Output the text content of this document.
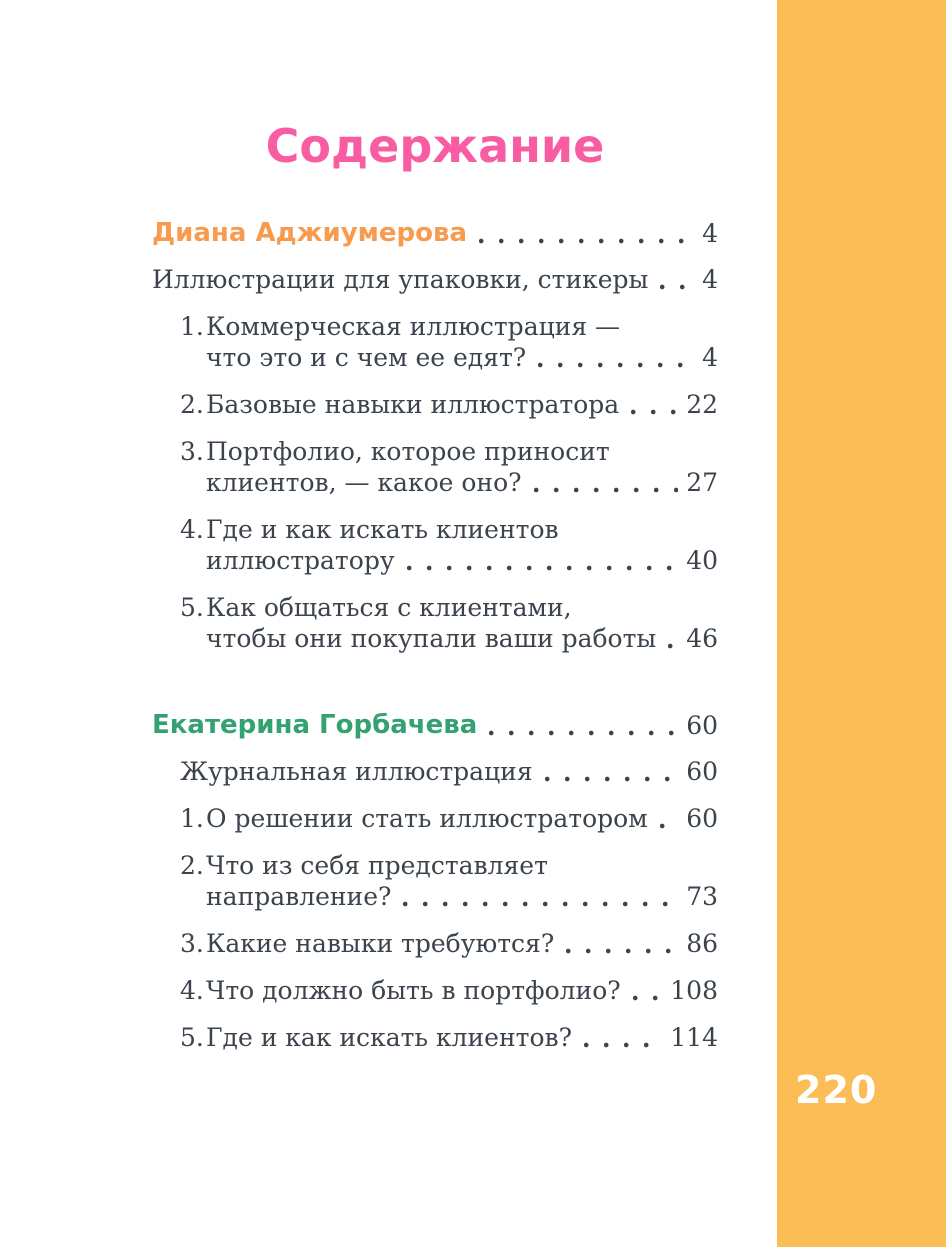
220
Содержание
Диана Аджиумерова	4
Иллюстрации для упаковки, стикеры 4
1. Коммерческая иллюстрация —
что это и с чем ее едят?	4
2. Базовые навыки иллюстратора	22
3. Портфолио, которое приносит
клиентов, — какое оно?	27
4. Где и как искать клиентов
иллюстратору	40
5. Как общаться с клиентами,
чтобы они покупали ваши работы 46
Екатерина Горбачева	60
Журнальная иллюстрация	60
1. О решении стать иллюстратором 60
2. Что из себя представляет
направление?	73
3. Какие навыки требуются?	86
4. Что должно быть в портфолио? 108
5. Где и как искать клиентов?	114
